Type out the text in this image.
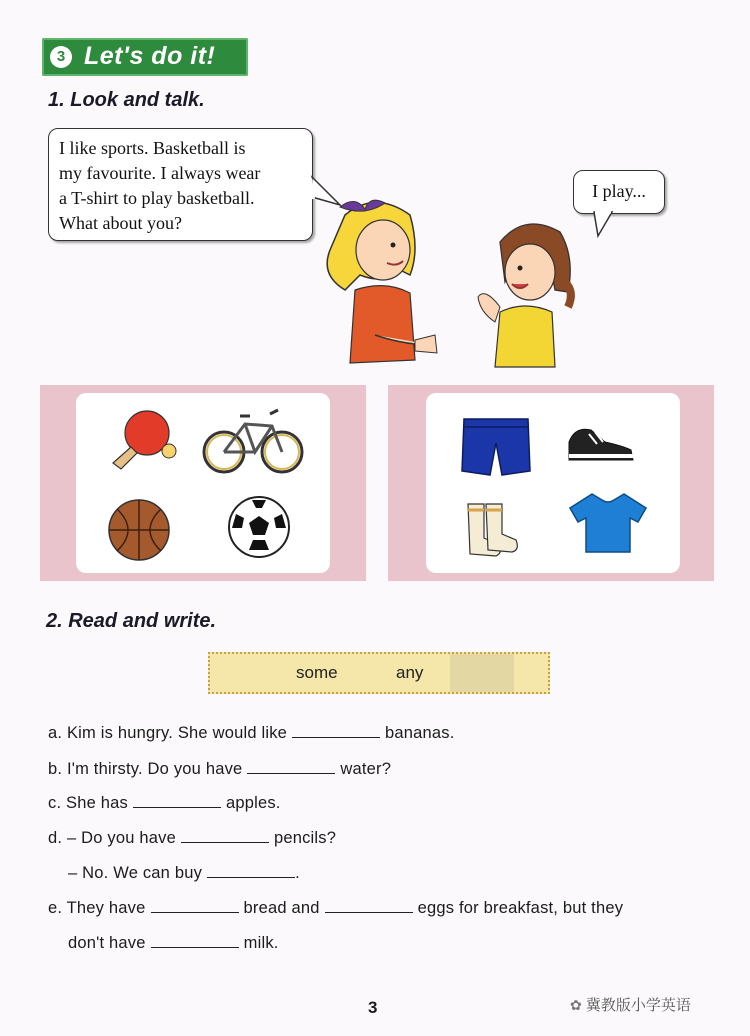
3 Let's do it!
1. Look and talk.
I like sports. Basketball is
my favourite. I always wear
a T-shirt to play basketball.
What about you?
I play...
2. Read and write.
some	any
a. Kim is hungry. She would like	bananas.
b. I'm thirsty. Do you have	water?
c. She has	apples.
d. – Do you have	pencils?
– No. We can buy	.
e. They have	bread and	eggs for breakfast, but they
don't have	milk.
3	✿ 冀教版小学英语
